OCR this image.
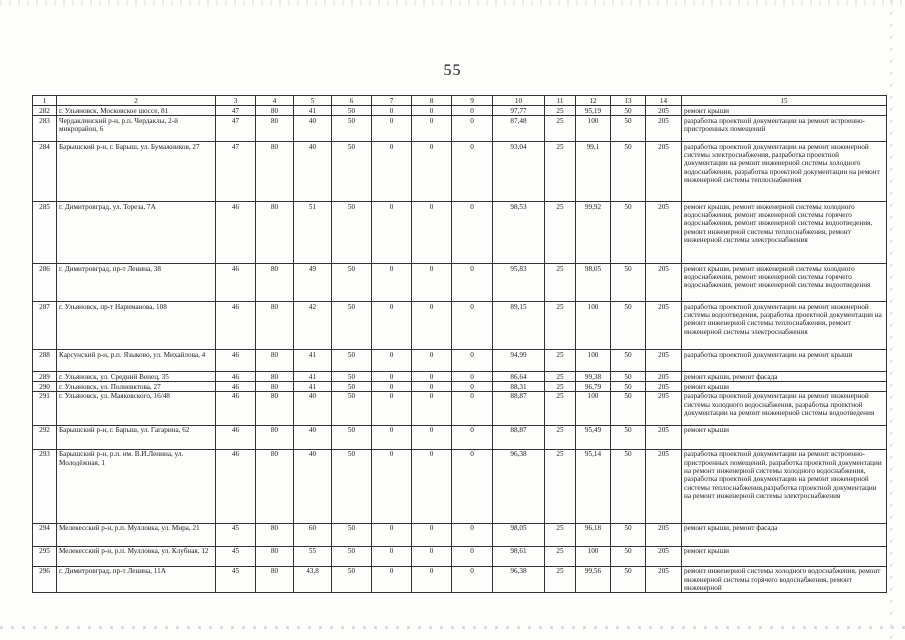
55
1	2	3	4	5	6	7	8	9	10	11	12	13	14	15
282	г. Ульяновск, Московское шоссе, 81	47	80	41	50	0	0	0	97,77	25	95,19	50	205	ремонт крыши
283	Чердаклинский р-н, р.п. Чердаклы, 2-й микрорайон, 6	47	80	40	50	0	0	0	87,48	25	100	50	205	разработка проектной документации на ремонт встроенно-пристроенных помещений
284	Барышский р-н, г. Барыш, ул. Бумажников, 27	47	80	40	50	0	0	0	93,04	25	99,1	50	205	разработка проектной документации на ремонт инженерной системы электроснабжения, разработка проектной документации на ремонт инженерной системы холодного водоснабжения, разработка проектной документации на ремонт инженерной системы теплоснабжения
285	г. Димитровград, ул. Тореза, 7А	46	80	51	50	0	0	0	98,53	25	99,92	50	205	ремонт крыши, ремонт инженерной системы холодного водоснабжения, ремонт инженерной системы горячего водоснабжения, ремонт инженерной системы водоотведения, ремонт инженерной системы теплоснабжения, ремонт инженерной системы электроснабжения
286	г. Димитровград, пр-т Ленина, 38	46	80	49	50	0	0	0	95,83	25	98,05	50	205	ремонт крыши, ремонт инженерной системы холодного водоснабжения, ремонт инженерной системы горячего водоснабжения, ремонт инженерной системы водоотведения
287	г. Ульяновск, пр-т Нариманова, 108	46	80	42	50	0	0	0	89,15	25	100	50	205	разработка проектной документации на ремонт инженерной системы водоотведения, разработка проектной документации на ремонт инженерной системы теплоснабжения, ремонт инженерной системы электроснабжения
288	Карсунский р-н, р.п. Языково, ул. Михайлова, 4	46	80	41	50	0	0	0	94,99	25	100	50	205	разработка проектной документации на ремонт крыши
289	г. Ульяновск, ул. Средний Венец, 35	46	80	41	50	0	0	0	86,64	25	99,38	50	205	ремонт крыши, ремонт фасада
290	г. Ульяновск, ул. Полиевктова, 27	46	80	41	50	0	0	0	88,31	25	96,79	50	205	ремонт крыши
291	г. Ульяновск, ул. Маяковского, 16/48	46	80	40	50	0	0	0	88,87	25	100	50	205	разработка проектной документации на ремонт инженерной системы холодного водоснабжения, разработка проектной документации на ремонт инженерной системы водоотведения
292	Барышский р-н, г. Барыш, ул. Гагарина, 62	46	80	40	50	0	0	0	88,87	25	95,49	50	205	ремонт крыши
293	Барышский р-н, р.п. им. В.И.Ленина, ул. Молодёжная, 1	46	80	40	50	0	0	0	96,38	25	95,14	50	205	разработка проектной документации на ремонт встроенно-пристроенных помещений, разработка проектной документации на ремонт инженерной системы холодного водоснабжения, разработка проектной документации на ремонт инженерной системы теплоснабжения,разработка проектной документации на ремонт инженерной системы электроснабжения
294	Мелекесский р-н, р.п. Мулловка, ул. Мира, 21	45	80	60	50	0	0	0	98,05	25	96,18	50	205	ремонт крыши, ремонт фасада
295	Мелекесский р-н, р.п. Мулловка, ул. Клубная, 12	45	80	55	50	0	0	0	98,61	25	100	50	205	ремонт крыши
296	г. Димитровград, пр-т Ленина, 11А	45	80	43,8	50	0	0	0	96,38	25	99,56	50	205	ремонт инженерной системы холодного водоснабжения, ремонт инженерной системы горячего водоснабжения, ремонт инженерной
